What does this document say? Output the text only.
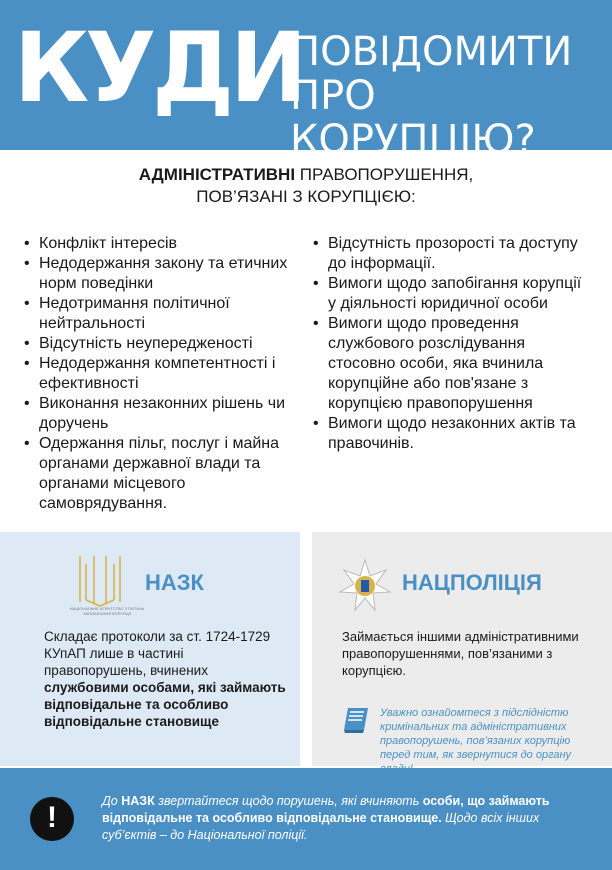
КУДИ
ПОВІДОМИТИ
ПРО КОРУПЦІЮ?
АДМІНІСТРАТИВНІ ПРАВОПОРУШЕННЯ,
ПОВ’ЯЗАНІ З КОРУПЦІЄЮ:
• Конфлікт інтересів
• Недодержання закону та етичних норм поведінки
• Недотримання політичної нейтральності
• Відсутність неупередженості
• Недодержання компетентності і ефективності
• Виконання незаконних рішень чи доручень
• Одержання пільг, послуг і майна органами державної влади та органами місцевого самоврядування.
• Відсутність прозорості та доступу до інформації.
• Вимоги щодо запобігання корупції у діяльності юридичної особи
• Вимоги щодо проведення службового розслідування стосовно особи, яка вчинила корупційне або пов'язане з корупцією правопорушення
• Вимоги щодо незаконних актів та правочинів.
НАЦІОНАЛЬНЕ АГЕНТСТВО З ПИТАНЬ ЗАПОБІГАННЯ КОРУПЦІЇ
НАЗК
Складає протоколи за ст. 1724-1729 КУпАП лише в частині правопорушень, вчинених службовими особами, які займають відповідальне та особливо відповідальне становище
НАЦПОЛІЦІЯ
Займається іншими адміністративними правопорушеннями, пов’язаними з корупцією.
Уважно ознайомтеся з підслідністю кримінальних та адміністративних правопорушень, пов’язаних корупцію перед тим, як звернутися до органу
!	До НАЗК звертайтеся щодо порушень, які вчиняють особи, що займають відповідальне та особливо відповідальне становище. Щодо всіх інших суб’єктів – до Національної поліції.
